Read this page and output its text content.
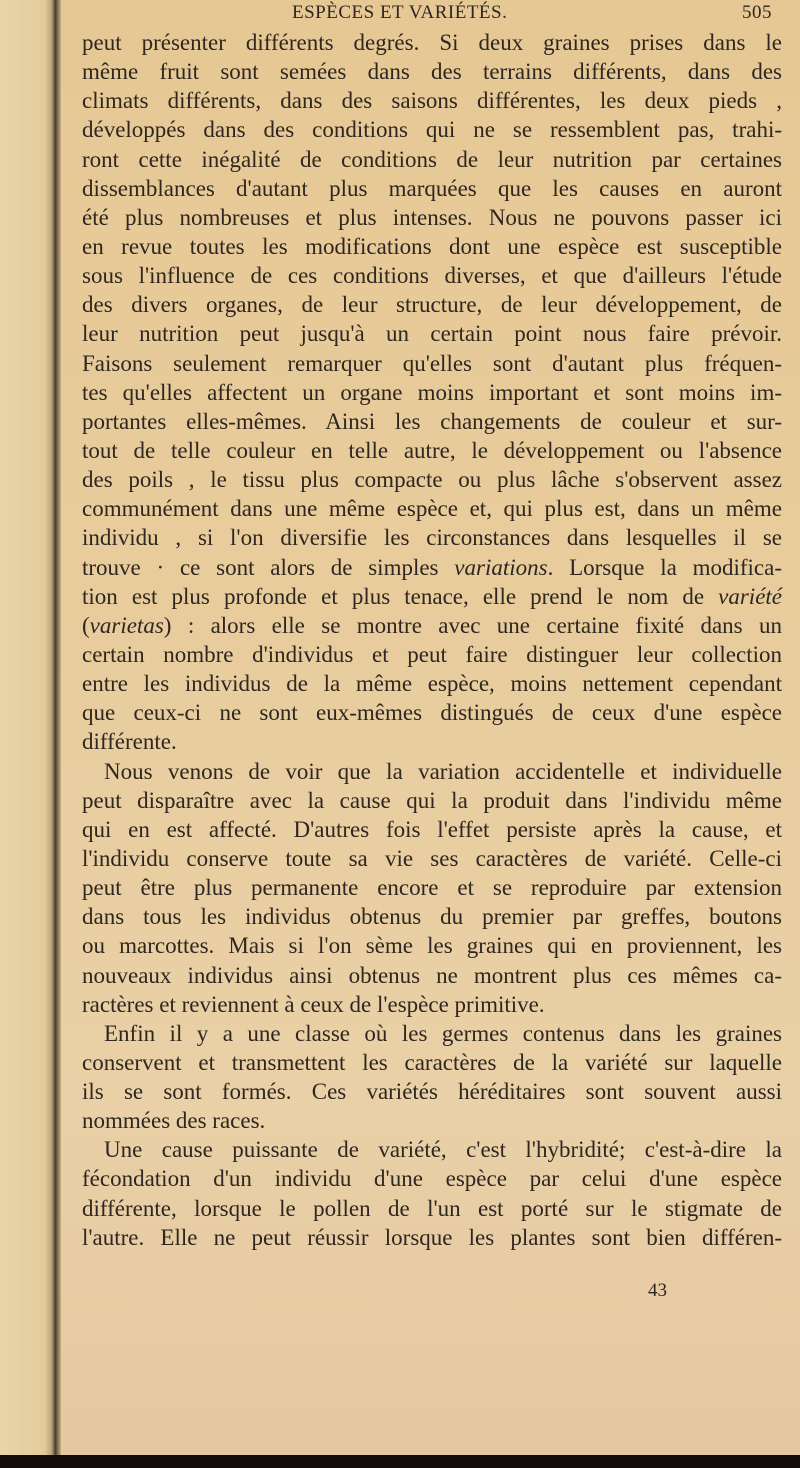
ESPÈCES ET VARIÉTÉS.	505
peut présenter différents degrés. Si deux graines prises dans le
même fruit sont semées dans des terrains différents, dans des
climats différents, dans des saisons différentes, les deux pieds ,
développés dans des conditions qui ne se ressemblent pas, trahi-
ront cette inégalité de conditions de leur nutrition par certaines
dissemblances d'autant plus marquées que les causes en auront
été plus nombreuses et plus intenses. Nous ne pouvons passer ici
en revue toutes les modifications dont une espèce est susceptible
sous l'influence de ces conditions diverses, et que d'ailleurs l'étude
des divers organes, de leur structure, de leur développement, de
leur nutrition peut jusqu'à un certain point nous faire prévoir.
Faisons seulement remarquer qu'elles sont d'autant plus fréquen-
tes qu'elles affectent un organe moins important et sont moins im-
portantes elles-mêmes. Ainsi les changements de couleur et sur-
tout de telle couleur en telle autre, le développement ou l'absence
des poils , le tissu plus compacte ou plus lâche s'observent assez
communément dans une même espèce et, qui plus est, dans un même
individu , si l'on diversifie les circonstances dans lesquelles il se
trouve · ce sont alors de simples variations. Lorsque la modifica-
tion est plus profonde et plus tenace, elle prend le nom de variété
(varietas) : alors elle se montre avec une certaine fixité dans un
certain nombre d'individus et peut faire distinguer leur collection
entre les individus de la même espèce, moins nettement cependant
que ceux-ci ne sont eux-mêmes distingués de ceux d'une espèce
différente.
Nous venons de voir que la variation accidentelle et individuelle
peut disparaître avec la cause qui la produit dans l'individu même
qui en est affecté. D'autres fois l'effet persiste après la cause, et
l'individu conserve toute sa vie ses caractères de variété. Celle-ci
peut être plus permanente encore et se reproduire par extension
dans tous les individus obtenus du premier par greffes, boutons
ou marcottes. Mais si l'on sème les graines qui en proviennent, les
nouveaux individus ainsi obtenus ne montrent plus ces mêmes ca-
ractères et reviennent à ceux de l'espèce primitive.
Enfin il y a une classe où les germes contenus dans les graines
conservent et transmettent les caractères de la variété sur laquelle
ils se sont formés. Ces variétés héréditaires sont souvent aussi
nommées des races.
Une cause puissante de variété, c'est l'hybridité; c'est-à-dire la
fécondation d'un individu d'une espèce par celui d'une espèce
différente, lorsque le pollen de l'un est porté sur le stigmate de
l'autre. Elle ne peut réussir lorsque les plantes sont bien différen-
43
